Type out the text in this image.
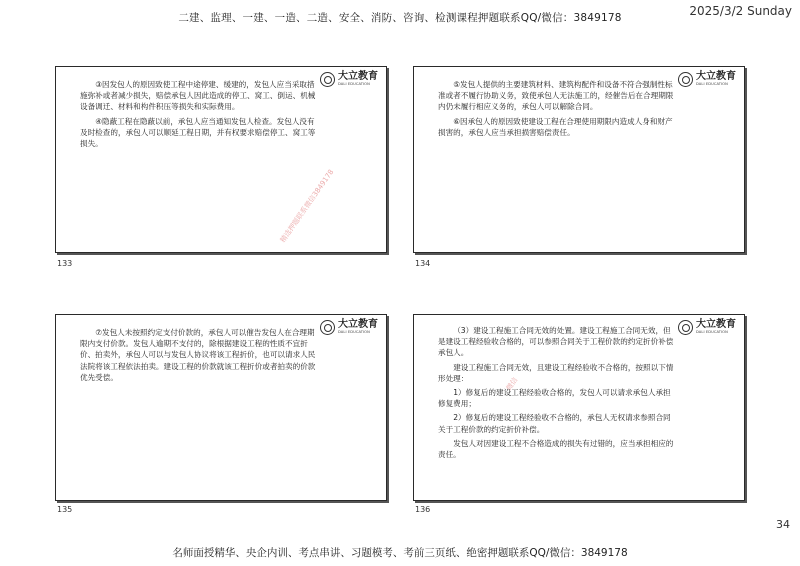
二建、监理、一建、一造、二造、安全、消防、咨询、检测课程押题联系QQ/微信：3849178	2025/3/2 Sunday
大立教育
DALI EDUCATION

③因发包人的原因致使工程中途停建、缓建的，发包人应当采取措施弥补或者减少损失，赔偿承包人因此造成的停工、窝工、倒运、机械设备调迁、材料和构件积压等损失和实际费用。

④隐蔽工程在隐蔽以前，承包人应当通知发包人检查。发包人没有及时检查的，承包人可以顺延工程日期，并有权要求赔偿停工、窝工等损失。

精选押题联系微信3849178
133
大立教育
DALI EDUCATION

⑤发包人提供的主要建筑材料、建筑构配件和设备不符合强制性标准或者不履行协助义务，致使承包人无法施工的，经催告后在合理期限内仍未履行相应义务的，承包人可以解除合同。

⑥因承包人的原因致使建设工程在合理使用期限内造成人身和财产损害的，承包人应当承担损害赔偿责任。

134
大立教育
DALI EDUCATION

⑦发包人未按照约定支付价款的，承包人可以催告发包人在合理期限内支付价款。发包人逾期不支付的，除根据建设工程的性质不宜折价、拍卖外，承包人可以与发包人协议将该工程折价，也可以请求人民法院将该工程依法拍卖。建设工程的价款就该工程折价或者拍卖的价款优先受偿。

135
大立教育
DALI EDUCATION

（3）建设工程施工合同无效的处置。建设工程施工合同无效，但是建设工程经验收合格的，可以参照合同关于工程价款的约定折价补偿承包人。

建设工程施工合同无效，且建设工程经验收不合格的，按照以下情形处理：

1）修复后的建设工程经验收合格的，发包人可以请求承包人承担修复费用；

2）修复后的建设工程经验收不合格的，承包人无权请求参照合同关于工程价款的约定折价补偿。

发包人对因建设工程不合格造成的损失有过错的，应当承担相应的责任。

微信
136
34
名师面授精华、央企内训、考点串讲、习题模考、考前三页纸、绝密押题联系QQ/微信：3849178
